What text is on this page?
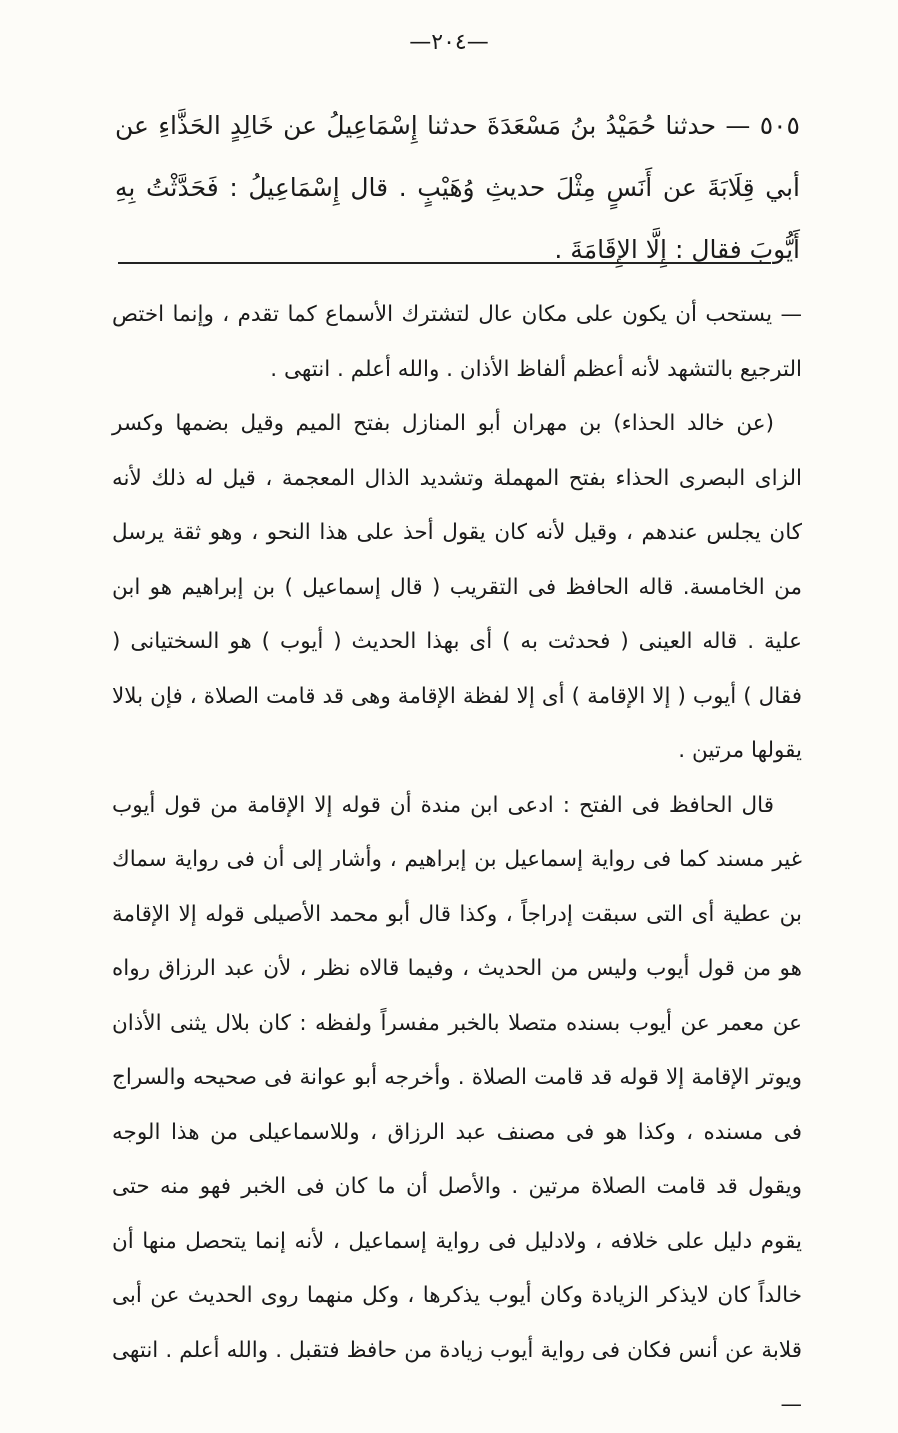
—٢٠٤—
٥٠٥ — حدثنا حُمَيْدُ بنُ مَسْعَدَةَ حدثنا إِسْمَاعِيلُ عن خَالِدٍ الحَذَّاءِ عن أبي قِلَابَةَ عن أَنَسٍ مِثْلَ حديثِ وُهَيْبٍ . قال إِسْمَاعِيلُ : فَحَدَّثْتُ بِهِ أَيُّوبَ فقال : إِلَّا الإِقَامَةَ .

— يستحب أن يكون على مكان عال لتشترك الأسماع كما تقدم ، وإنما اختص الترجيع بالتشهد لأنه أعظم ألفاظ الأذان . والله أعلم . انتهى .

(عن خالد الحذاء) بن مهران أبو المنازل بفتح الميم وقيل بضمها وكسر الزاى البصرى الحذاء بفتح المهملة وتشديد الذال المعجمة ، قيل له ذلك لأنه كان يجلس عندهم ، وقيل لأنه كان يقول أحذ على هذا النحو ، وهو ثقة يرسل من الخامسة. قاله الحافظ فى التقريب ( قال إسماعيل ) بن إبراهيم هو ابن علية . قاله العينى ( فحدثت به ) أى بهذا الحديث ( أيوب ) هو السختيانى ( فقال ) أيوب ( إلا الإقامة ) أى إلا لفظة الإقامة وهى قد قامت الصلاة ، فإن بلالا يقولها مرتين .

قال الحافظ فى الفتح : ادعى ابن مندة أن قوله إلا الإقامة من قول أيوب غير مسند كما فى رواية إسماعيل بن إبراهيم ، وأشار إلى أن فى رواية سماك بن عطية أى التى سبقت إدراجاً ، وكذا قال أبو محمد الأصيلى قوله إلا الإقامة هو من قول أيوب وليس من الحديث ، وفيما قالاه نظر ، لأن عبد الرزاق رواه عن معمر عن أيوب بسنده متصلا بالخبر مفسراً ولفظه : كان بلال يثنى الأذان ويوتر الإقامة إلا قوله قد قامت الصلاة . وأخرجه أبو عوانة فى صحيحه والسراج فى مسنده ، وكذا هو فى مصنف عبد الرزاق ، وللاسماعيلى من هذا الوجه ويقول قد قامت الصلاة مرتين . والأصل أن ما كان فى الخبر فهو منه حتى يقوم دليل على خلافه ، ولادليل فى رواية إسماعيل ، لأنه إنما يتحصل منها أن خالداً كان لايذكر الزيادة وكان أيوب يذكرها ، وكل منهما روى الحديث عن أبى قلابة عن أنس فكان فى رواية أيوب زيادة من حافظ فتقبل . والله أعلم . انتهى —
